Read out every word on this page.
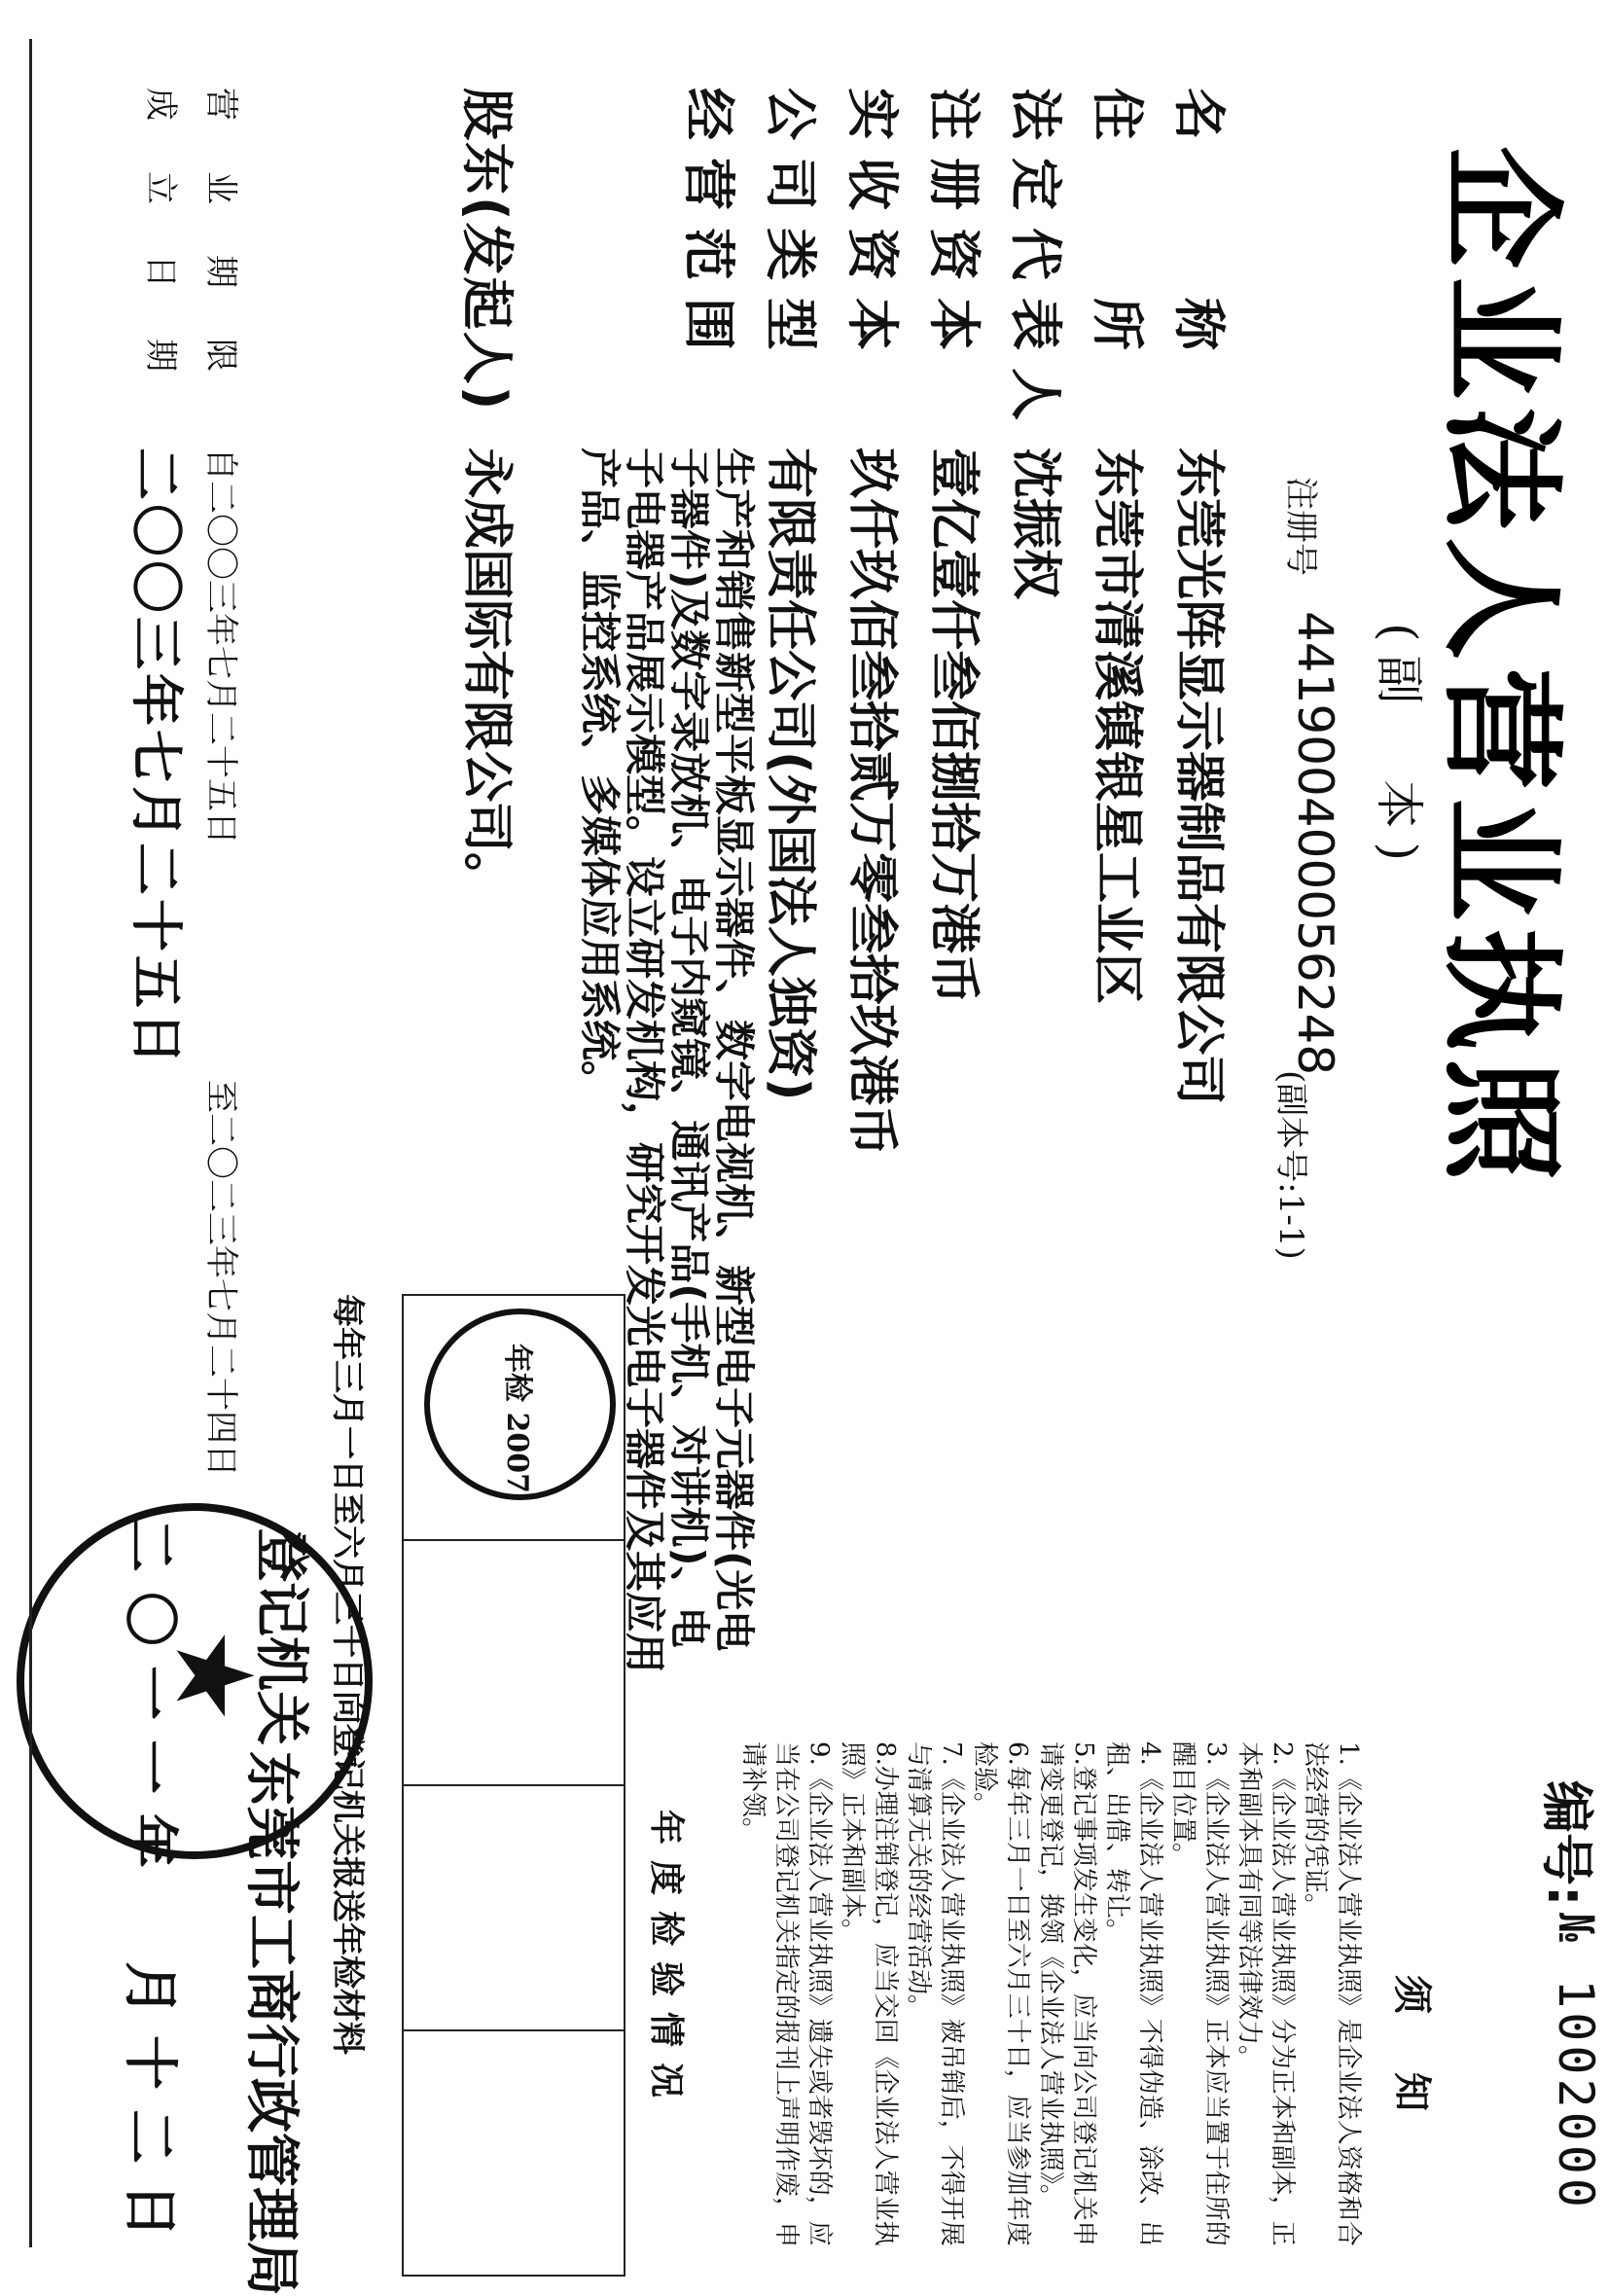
企业法人营业执照
(副　本)
注册号
441900400056248
(副本号:1-1)
编号:
№ 1002000
名　　称
东莞光阵显示器制品有限公司
住　　所
东莞市清溪镇银星工业区
法定代表人
沈振权
注册资本
壹亿壹仟叁佰捌拾万港币
实收资本
玖仟玖佰叁拾贰万零叁拾玖港币
公司类型
有限责任公司(外国法人独资)
经营范围
生产和销售新型平板显示器件、数字电视机、新型电子元器件(光电子器件)及数字录放机、电子内窥镜、通讯产品(手机、对讲机)、电子电器产品展示模型。设立研发机构，研究开发光电子器件及其应用产品、监控系统、多媒体应用系统。
股东(发起人)
永成国际有限公司。
营业期限
自二〇〇三年七月二十五日
至二〇二三年七月二十四日
成立日期
二〇〇三年七月二十五日
须知
1.《企业法人营业执照》是企业法人资格和合法经营的凭证。
2.《企业法人营业执照》分为正本和副本，正本和副本具有同等法律效力。
3.《企业法人营业执照》正本应当置于住所的醒目位置。
4.《企业法人营业执照》不得伪造、涂改、出租、出借、转让。
5.登记事项发生变化，应当向公司登记机关申请变更登记，换领《企业法人营业执照》。
6.每年三月一日至六月三十日，应当参加年度检验。
7.《企业法人营业执照》被吊销后，不得开展与清算无关的经营活动。
8.办理注销登记，应当交回《企业法人营业执照》正本和副本。
9.《企业法人营业执照》遗失或者毁坏的，应当在公司登记机关指定的报刊上声明作废，申请补领。
年度检验情况

年检 2007
每年三月一日至六月三十日向登记机关报送年检材料
登记机关
东莞市工商行政管理局
二〇一一年　月十二日
★
